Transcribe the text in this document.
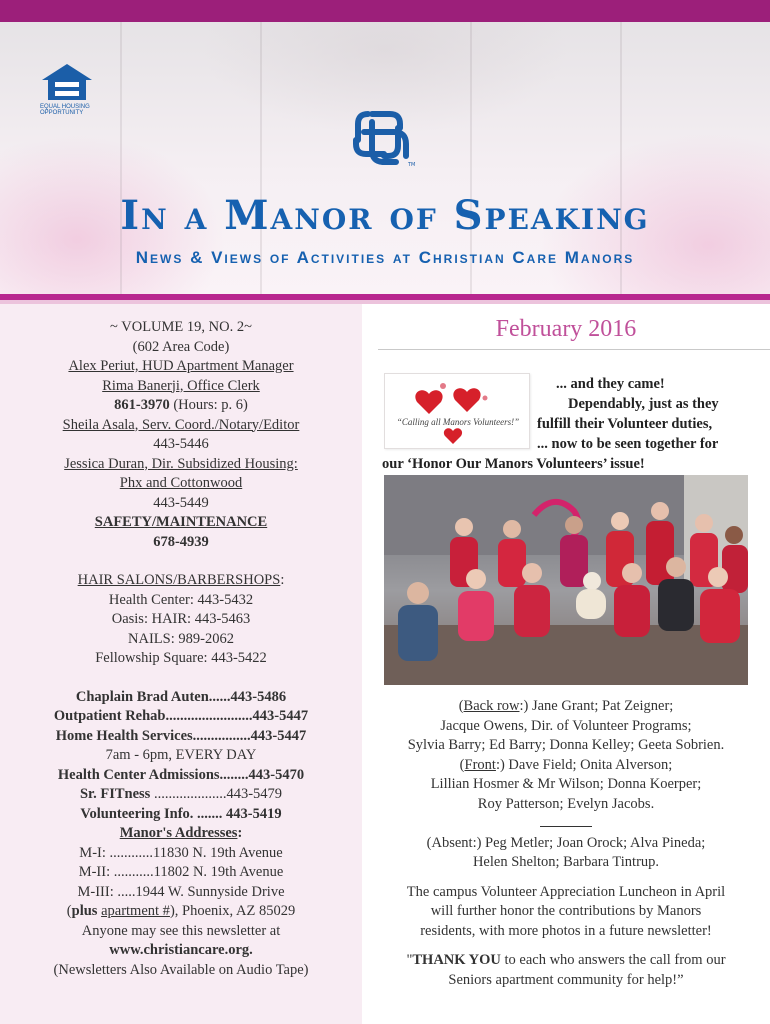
EQUAL HOUSING
OPPORTUNITY
TM
In a Manor of Speaking
News & Views of Activities at Christian Care Manors
~ VOLUME 19, NO. 2~
(602 Area Code)
Alex Periut, HUD Apartment Manager
Rima Banerji, Office Clerk
861-3970 (Hours: p. 6)
Sheila Asala, Serv. Coord./Notary/Editor
443-5446
Jessica Duran, Dir. Subsidized Housing:
Phx and Cottonwood
443-5449
SAFETY/MAINTENANCE
678-4939
HAIR SALONS/BARBERSHOPS:
Health Center: 443-5432
Oasis: HAIR: 443-5463
NAILS: 989-2062
Fellowship Square: 443-5422
Chaplain Brad Auten......443-5486
Outpatient Rehab........................443-5447
Home Health Services................443-5447
7am - 6pm, EVERY DAY
Health Center Admissions........443-5470
Sr. FITness ....................443-5479
Volunteering Info. ....... 443-5419
Manor's Addresses:
M-I: ............11830 N. 19th Avenue
M-II: ...........11802 N. 19th Avenue
M-III: .....1944 W. Sunnyside Drive
(plus apartment #), Phoenix, AZ 85029
Anyone may see this newsletter at
www.christiancare.org.
(Newsletters Also Available on Audio Tape)
February 2016
“Calling all Manors Volunteers!”
... and they came!
Dependably, just as they
fulfill their Volunteer duties,
... now to be seen together for
our ‘Honor Our Manors Volunteers’ issue!
(Back row:) Jane Grant; Pat Zeigner;
Jacque Owens, Dir. of Volunteer Programs;
Sylvia Barry; Ed Barry; Donna Kelley; Geeta Sobrien.
(Front:) Dave Field; Onita Alverson;
Lillian Hosmer & Mr Wilson; Donna Koerper;
Roy Patterson; Evelyn Jacobs.
(Absent:) Peg Metler; Joan Orock; Alva Pineda;
Helen Shelton; Barbara Tintrup.
The campus Volunteer Appreciation Luncheon in April
will further honor the contributions by Manors
residents, with more photos in a future newsletter!
"THANK YOU to each who answers the call from our
Seniors apartment community for help!”
